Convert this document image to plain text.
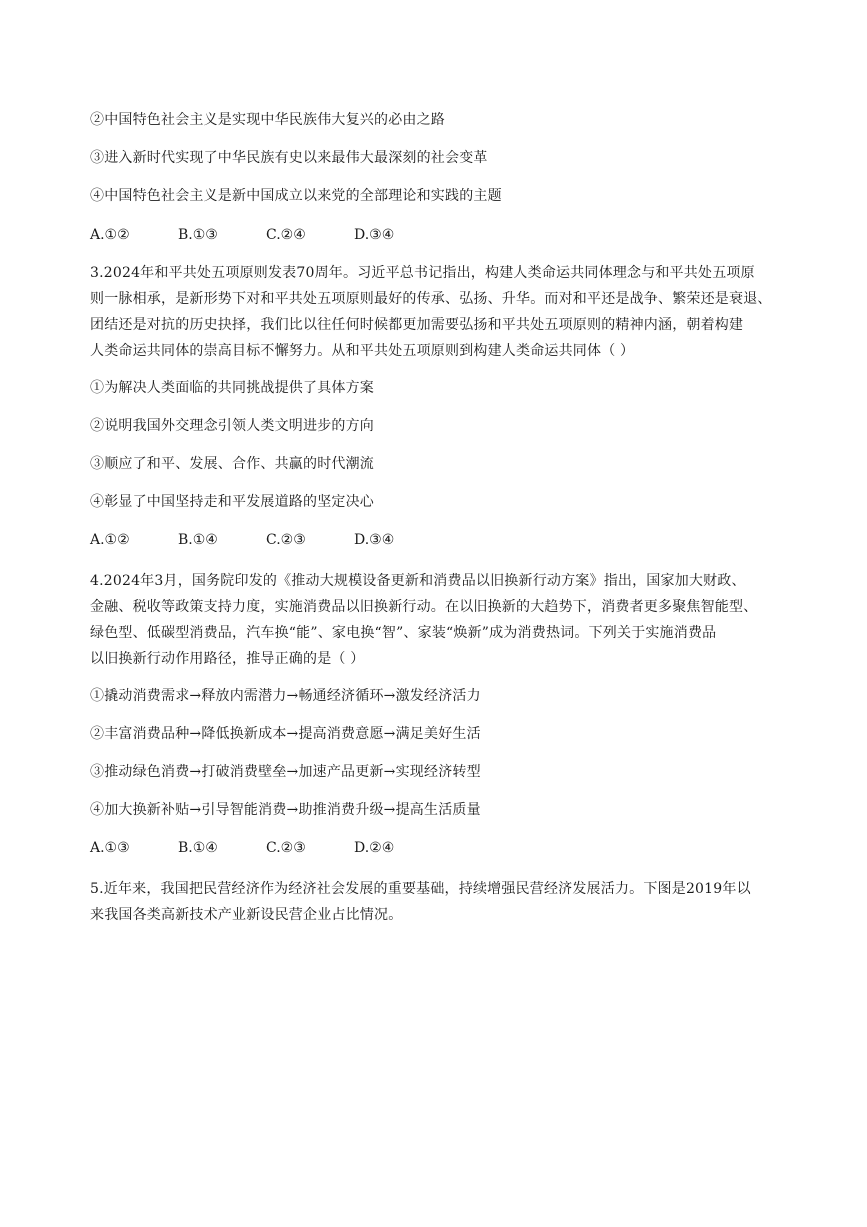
②中国特色社会主义是实现中华民族伟大复兴的必由之路
③进入新时代实现了中华民族有史以来最伟大最深刻的社会变革
④中国特色社会主义是新中国成立以来党的全部理论和实践的主题
A.①②	B.①③	C.②④	D.③④
3.2024年和平共处五项原则发表70周年。习近平总书记指出，构建人类命运共同体理念与和平共处五项原
则一脉相承，是新形势下对和平共处五项原则最好的传承、弘扬、升华。而对和平还是战争、繁荣还是衰退、
团结还是对抗的历史抉择，我们比以往任何时候都更加需要弘扬和平共处五项原则的精神内涵，朝着构建
人类命运共同体的崇高目标不懈努力。从和平共处五项原则到构建人类命运共同体（ ）
①为解决人类面临的共同挑战提供了具体方案
②说明我国外交理念引领人类文明进步的方向
③顺应了和平、发展、合作、共赢的时代潮流
④彰显了中国坚持走和平发展道路的坚定决心
A.①②	B.①④	C.②③	D.③④
4.2024年3月，国务院印发的《推动大规模设备更新和消费品以旧换新行动方案》指出，国家加大财政、
金融、税收等政策支持力度，实施消费品以旧换新行动。在以旧换新的大趋势下，消费者更多聚焦智能型、
绿色型、低碳型消费品，汽车换“能”、家电换“智”、家装“焕新”成为消费热词。下列关于实施消费品
以旧换新行动作用路径，推导正确的是（ ）
①撬动消费需求→释放内需潜力→畅通经济循环→激发经济活力
②丰富消费品种→降低换新成本→提高消费意愿→满足美好生活
③推动绿色消费→打破消费壁垒→加速产品更新→实现经济转型
④加大换新补贴→引导智能消费→助推消费升级→提高生活质量
A.①③	B.①④	C.②③	D.②④
5.近年来，我国把民营经济作为经济社会发展的重要基础，持续增强民营经济发展活力。下图是2019年以
来我国各类高新技术产业新设民营企业占比情况。
